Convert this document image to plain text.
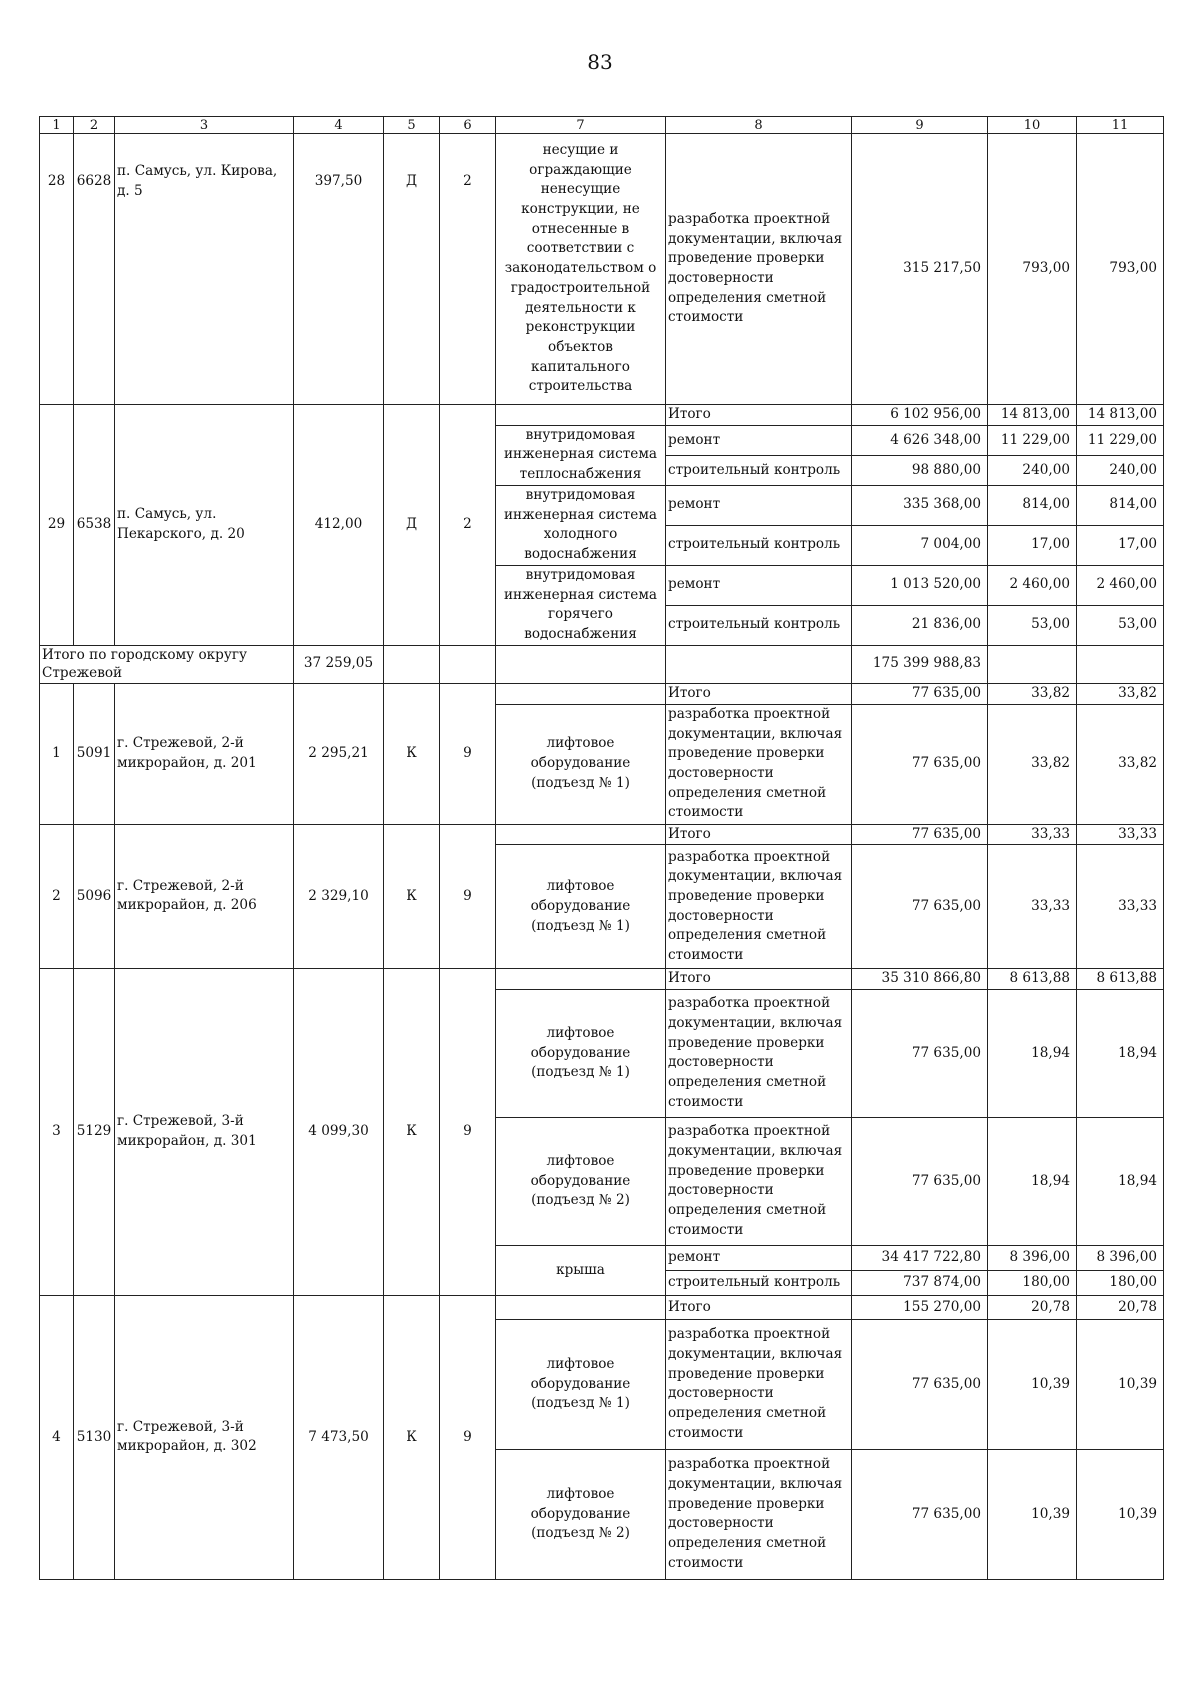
83
1	2	3	4	5	6	7	8	9	10	11
28	6628	п. Самусь, ул. Кирова, д. 5	397,50	Д	2	несущие и ограждающие ненесущие конструкции, не отнесенные в соответствии с законодательством о градостроительной деятельности к реконструкции объектов капитального строительства	разработка проектной документации, включая проведение проверки достоверности определения сметной стоимости	315 217,50	793,00	793,00
29	6538	п. Самусь, ул. Пекарского, д. 20	412,00	Д	2		Итого	6 102 956,00	14 813,00	14 813,00
						внутридомовая инженерная система теплоснабжения	ремонт	4 626 348,00	11 229,00	11 229,00
							строительный контроль	98 880,00	240,00	240,00
						внутридомовая инженерная система холодного водоснабжения	ремонт	335 368,00	814,00	814,00
							строительный контроль	7 004,00	17,00	17,00
						внутридомовая инженерная система горячего водоснабжения	ремонт	1 013 520,00	2 460,00	2 460,00
							строительный контроль	21 836,00	53,00	53,00
Итого по городскому округу Стрежевой			37 259,05					175 399 988,83		
1	5091	г. Стрежевой, 2-й микрорайон, д. 201	2 295,21	К	9		Итого	77 635,00	33,82	33,82
						лифтовое оборудование (подъезд № 1)	разработка проектной документации, включая проведение проверки достоверности определения сметной стоимости	77 635,00	33,82	33,82
2	5096	г. Стрежевой, 2-й микрорайон, д. 206	2 329,10	К	9		Итого	77 635,00	33,33	33,33
						лифтовое оборудование (подъезд № 1)	разработка проектной документации, включая проведение проверки достоверности определения сметной стоимости	77 635,00	33,33	33,33
3	5129	г. Стрежевой, 3-й микрорайон, д. 301	4 099,30	К	9		Итого	35 310 866,80	8 613,88	8 613,88
						лифтовое оборудование (подъезд № 1)	разработка проектной документации, включая проведение проверки достоверности определения сметной стоимости	77 635,00	18,94	18,94
						лифтовое оборудование (подъезд № 2)	разработка проектной документации, включая проведение проверки достоверности определения сметной стоимости	77 635,00	18,94	18,94
						крыша	ремонт	34 417 722,80	8 396,00	8 396,00
							строительный контроль	737 874,00	180,00	180,00
4	5130	г. Стрежевой, 3-й микрорайон, д. 302	7 473,50	К	9		Итого	155 270,00	20,78	20,78
						лифтовое оборудование (подъезд № 1)	разработка проектной документации, включая проведение проверки достоверности определения сметной стоимости	77 635,00	10,39	10,39
						лифтовое оборудование (подъезд № 2)	разработка проектной документации, включая проведение проверки достоверности определения сметной стоимости	77 635,00	10,39	10,39
